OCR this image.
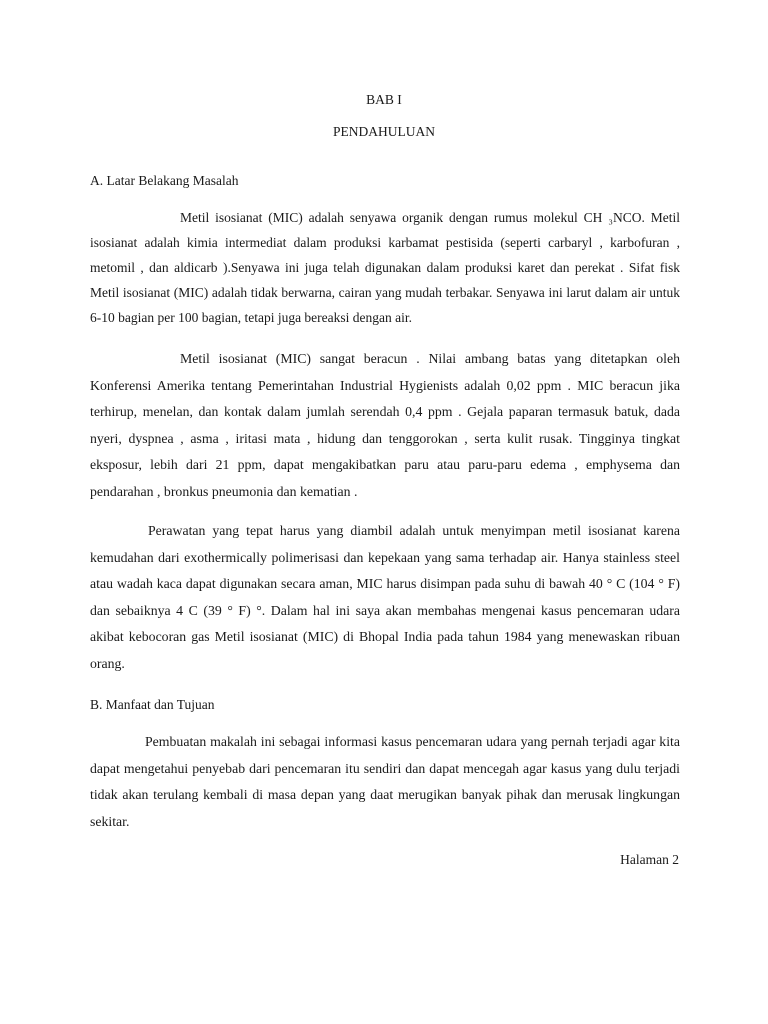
BAB I
PENDAHULUAN
A. Latar Belakang Masalah

Metil isosianat (MIC) adalah senyawa organik dengan rumus molekul CH ₃NCO. Metil isosianat adalah kimia intermediat dalam produksi karbamat pestisida (seperti carbaryl , karbofuran , metomil , dan aldicarb ).Senyawa ini juga telah digunakan dalam produksi karet dan perekat . Sifat fisk Metil isosianat (MIC) adalah tidak berwarna, cairan yang mudah terbakar. Senyawa ini larut dalam air untuk 6-10 bagian per 100 bagian, tetapi juga bereaksi dengan air.

Metil isosianat (MIC) sangat beracun . Nilai ambang batas yang ditetapkan oleh Konferensi Amerika tentang Pemerintahan Industrial Hygienists adalah 0,02 ppm . MIC beracun jika terhirup, menelan, dan kontak dalam jumlah serendah 0,4 ppm . Gejala paparan termasuk batuk, dada nyeri, dyspnea , asma , iritasi mata , hidung dan tenggorokan , serta kulit rusak. Tingginya tingkat eksposur, lebih dari 21 ppm, dapat mengakibatkan paru atau paru-paru edema , emphysema dan pendarahan , bronkus pneumonia dan kematian .

Perawatan yang tepat harus yang diambil adalah untuk menyimpan metil isosianat karena kemudahan dari exothermically polimerisasi dan kepekaan yang sama terhadap air. Hanya stainless steel atau wadah kaca dapat digunakan secara aman, MIC harus disimpan pada suhu di bawah 40 ° C (104 ° F) dan sebaiknya 4 C (39 ° F) °. Dalam hal ini saya akan membahas mengenai kasus pencemaran udara akibat kebocoran gas Metil isosianat (MIC) di Bhopal India pada tahun 1984 yang menewaskan ribuan orang.

B. Manfaat dan Tujuan

Pembuatan makalah ini sebagai informasi kasus pencemaran udara yang pernah terjadi agar kita dapat mengetahui penyebab dari pencemaran itu sendiri dan dapat mencegah agar kasus yang dulu terjadi tidak akan terulang kembali di masa depan yang daat merugikan banyak pihak dan merusak lingkungan sekitar.

Halaman 2
